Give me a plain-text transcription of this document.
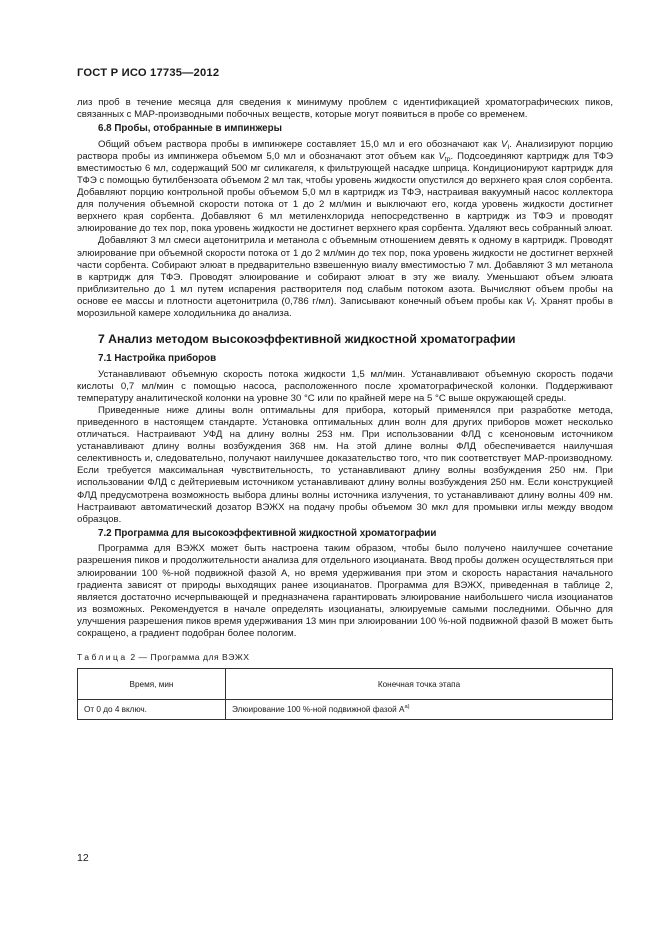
ГОСТ Р ИСО 17735—2012

лиз проб в течение месяца для сведения к минимуму проблем с идентификацией хроматографических пиков, связанных с МАР-производными побочных веществ, которые могут появиться в пробе со временем.

6.8 Пробы, отобранные в импинжеры

Общий объем раствора пробы в импинжере составляет 15,0 мл и его обозначают как $V_I$. Анализируют порцию раствора пробы из импинжера объемом 5,0 мл и обозначают этот объем как $V_{tp}$. Подсоединяют картридж для ТФЭ вместимостью 6 мл, содержащий 500 мг силикагеля, к фильтрующей насадке шприца. Кондиционируют картридж для ТФЭ с помощью бутилбензоата объемом 2 мл так, чтобы уровень жидкости опустился до верхнего края слоя сорбента. Добавляют порцию контрольной пробы объемом 5,0 мл в картридж из ТФЭ, настраивая вакуумный насос коллектора для получения объемной скорости потока от 1 до 2 мл/мин и выключают его, когда уровень жидкости достигнет верхнего края сорбента. Добавляют 6 мл метиленхлорида непосредственно в картридж из ТФЭ и проводят элюирование до тех пор, пока уровень жидкости не достигнет верхнего края сорбента. Удаляют весь собранный элюат.

Добавляют 3 мл смеси ацетонитрила и метанола с объемным отношением девять к одному в картридж. Проводят элюирование при объемной скорости потока от 1 до 2 мл/мин до тех пор, пока уровень жидкости не достигнет верхней части сорбента. Собирают элюат в предварительно взвешенную виалу вместимостью 7 мл. Добавляют 3 мл метанола в картридж для ТФЭ. Проводят элюирование и собирают элюат в эту же виалу. Уменьшают объем элюата приблизительно до 1 мл путем испарения растворителя под слабым потоком азота. Вычисляют объем пробы на основе ее массы и плотности ацетонитрила (0,786 г/мл). Записывают конечный объем пробы как $V_f$. Хранят пробы в морозильной камере холодильника до анализа.

7 Анализ методом высокоэффективной жидкостной хроматографии
7.1 Настройка приборов

Устанавливают объемную скорость потока жидкости 1,5 мл/мин. Устанавливают объемную скорость подачи кислоты 0,7 мл/мин с помощью насоса, расположенного после хроматографической колонки. Поддерживают температуру аналитической колонки на уровне 30 °С или по крайней мере на 5 °С выше окружающей среды.

Приведенные ниже длины волн оптимальны для прибора, который применялся при разработке метода, приведенного в настоящем стандарте. Установка оптимальных длин волн для других приборов может несколько отличаться. Настраивают УФД на длину волны 253 нм. При использовании ФЛД с ксеноновым источником устанавливают длину волны возбуждения 368 нм. На этой длине волны ФЛД обеспечивается наилучшая селективность и, следовательно, получают наилучшее доказательство того, что пик соответствует МАР-производному. Если требуется максимальная чувствительность, то устанавливают длину волны возбуждения 250 нм. При использовании ФЛД с дейтериевым источником устанавливают длину волны возбуждения 250 нм. Если конструкцией ФЛД предусмотрена возможность выбора длины волны источника излучения, то устанавливают длину волны 409 нм. Настраивают автоматический дозатор ВЭЖХ на подачу пробы объемом 30 мкл для промывки иглы между вводом образцов.

7.2 Программа для высокоэффективной жидкостной хроматографии

Программа для ВЭЖХ может быть настроена таким образом, чтобы было получено наилучшее сочетание разрешения пиков и продолжительности анализа для отдельного изоцианата. Ввод пробы должен осуществляться при элюировании 100 %-ной подвижной фазой А, но время удерживания при этом и скорость нарастания начального градиента зависят от природы выходящих ранее изоцианатов. Программа для ВЭЖХ, приведенная в таблице 2, является достаточно исчерпывающей и предназначена гарантировать элюирование наибольшего числа изоцианатов из возможных. Рекомендуется в начале определять изоцианаты, элюируемые самыми последними. Обычно для улучшения разрешения пиков время удерживания 13 мин при элюировании 100 %-ной подвижной фазой В может быть сокращено, а градиент подобран более пологим.

Таблица 2 — Программа для ВЭЖХ
Время, мин	Конечная точка этапа
От 0 до 4 включ.	Элюирование 100 %-ной подвижной фазой $А^{а)}$
12
